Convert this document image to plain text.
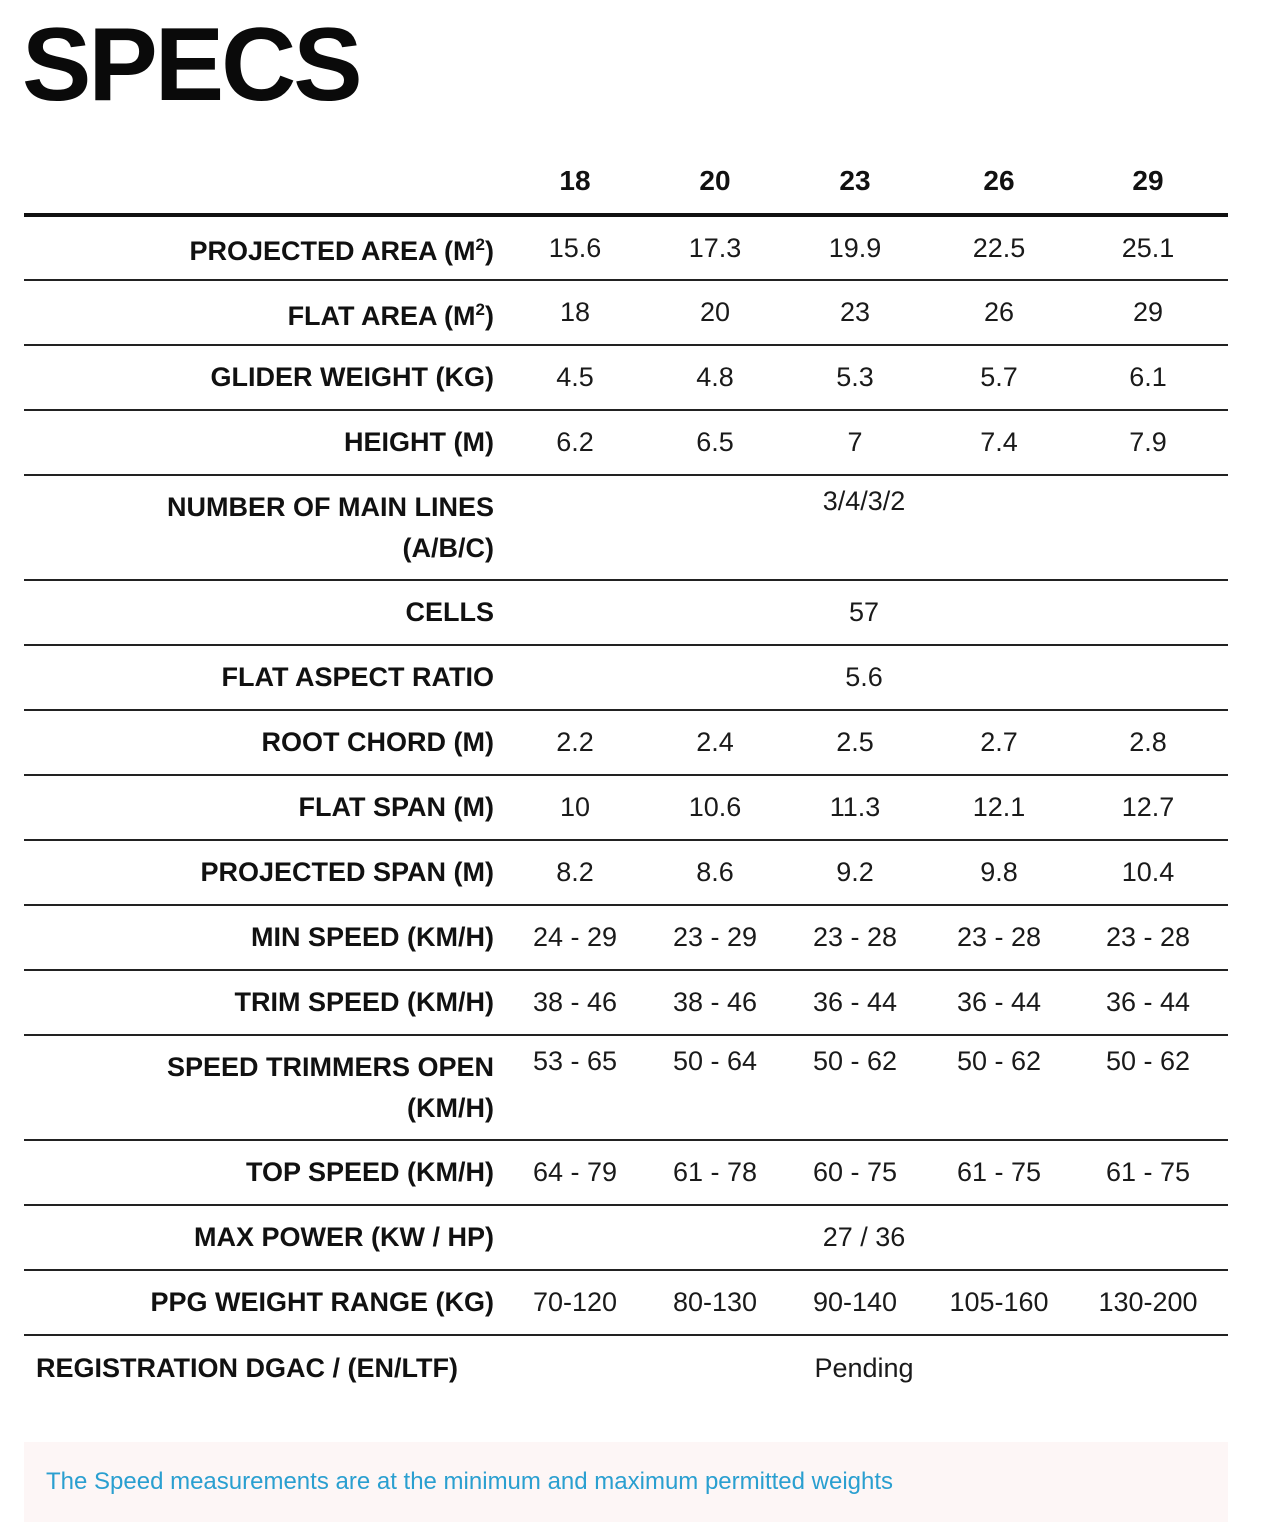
SPECS
	18	20	23	26	29
PROJECTED AREA $(M^2)$	15.6	17.3	19.9	22.5	25.1
FLAT AREA $(M^2)$	18	20	23	26	29
GLIDER WEIGHT (KG)	4.5	4.8	5.3	5.7	6.1
HEIGHT (M)	6.2	6.5	7	7.4	7.9
NUMBER OF MAIN LINES
(A/B/C)	3/4/3/2				
CELLS	57				
FLAT ASPECT RATIO	5.6				
ROOT CHORD (M)	2.2	2.4	2.5	2.7	2.8
FLAT SPAN (M)	10	10.6	11.3	12.1	12.7
PROJECTED SPAN (M)	8.2	8.6	9.2	9.8	10.4
MIN SPEED (KM/H)	24 - 29	23 - 29	23 - 28	23 - 28	23 - 28
TRIM SPEED (KM/H)	38 - 46	38 - 46	36 - 44	36 - 44	36 - 44
SPEED TRIMMERS OPEN
(KM/H)	53 - 65	50 - 64	50 - 62	50 - 62	50 - 62
TOP SPEED (KM/H)	64 - 79	61 - 78	60 - 75	61 - 75	61 - 75
MAX POWER (KW / HP)	27 / 36				
PPG WEIGHT RANGE (KG)	70-120	80-130	90-140	105-160	130-200
REGISTRATION DGAC / (EN/LTF)	Pending				
The Speed measurements are at the minimum and maximum permitted weights
